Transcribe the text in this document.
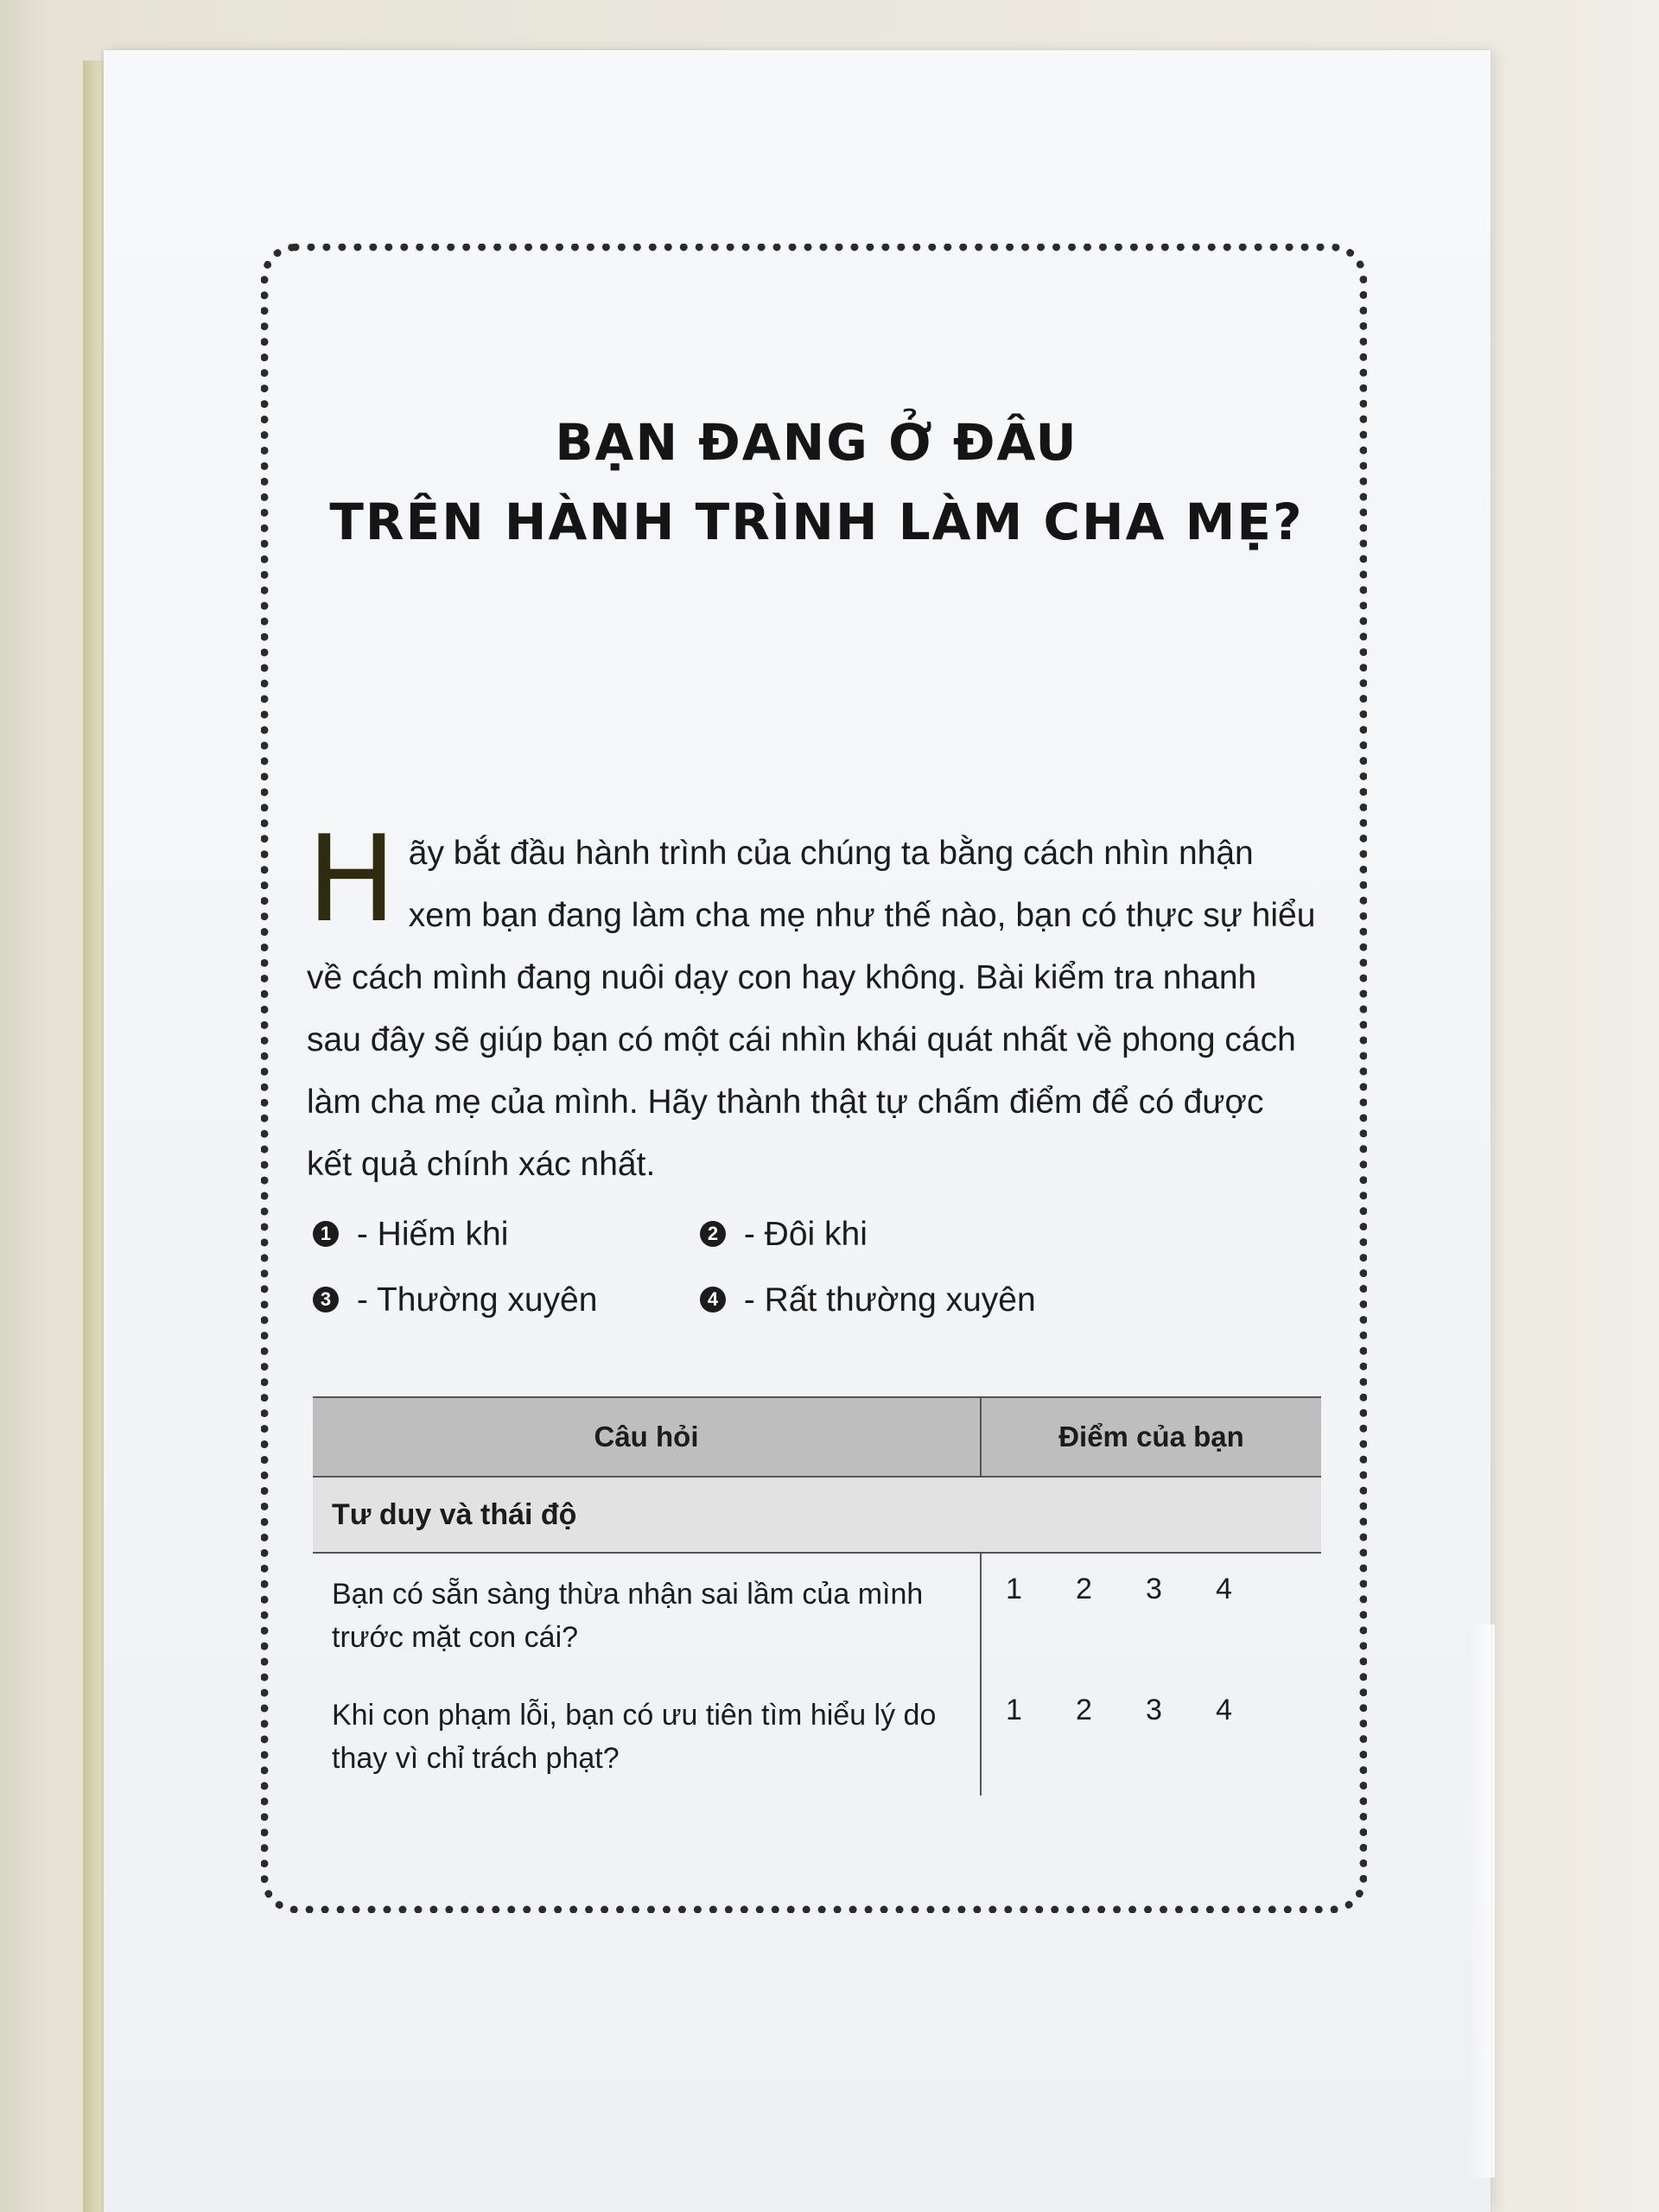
BẠN ĐANG Ở ĐÂU
TRÊN HÀNH TRÌNH LÀM CHA MẸ?
Hãy bắt đầu hành trình của chúng ta bằng cách nhìn nhận xem bạn đang làm cha mẹ như thế nào, bạn có thực sự hiểu về cách mình đang nuôi dạy con hay không. Bài kiểm tra nhanh sau đây sẽ giúp bạn có một cái nhìn khái quát nhất về phong cách làm cha mẹ của mình. Hãy thành thật tự chấm điểm để có được kết quả chính xác nhất.
1 - Hiếm khi	2 - Đôi khi
3 - Thường xuyên	4 - Rất thường xuyên
Câu hỏi	Điểm của bạn
Tư duy và thái độ	
Bạn có sẵn sàng thừa nhận sai lầm của mình trước mặt con cái?	1 2 3 4
Khi con phạm lỗi, bạn có ưu tiên tìm hiểu lý do thay vì chỉ trách phạt?	1 2 3 4
